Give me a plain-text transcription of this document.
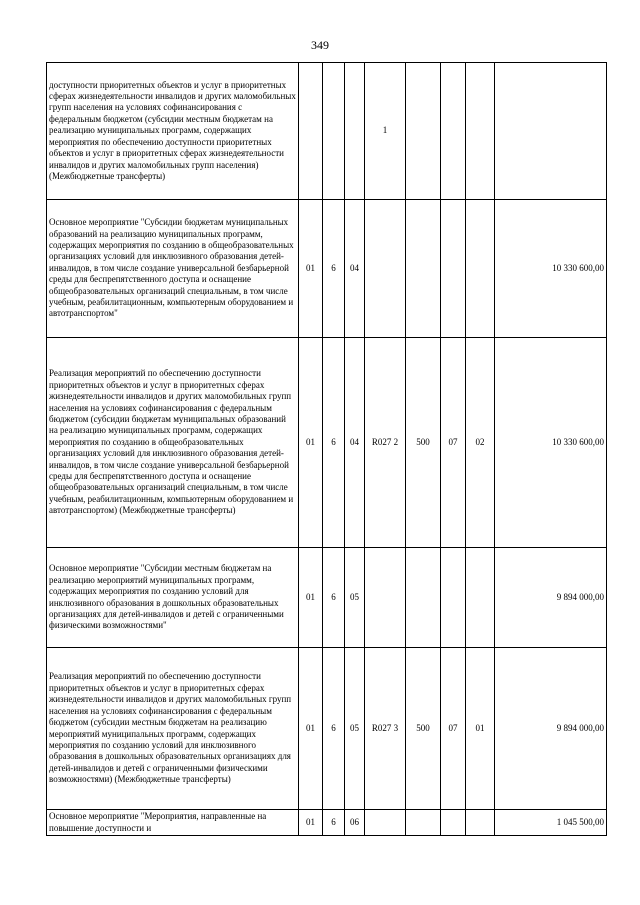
349
доступности приоритетных объектов и услуг в приоритетных сферах жизнедеятельности инвалидов и других маломобильных групп населения на условиях софинансирования с федеральным бюджетом (субсидии местным бюджетам на реализацию муниципальных программ, содержащих мероприятия по обеспечению доступности приоритетных объектов и услуг в приоритетных сферах жизнедеятельности инвалидов и других маломобильных групп населения) (Межбюджетные трансферты)				1				
Основное мероприятие "Субсидии бюджетам муниципальных образований на реализацию муниципальных программ, содержащих мероприятия по созданию в общеобразовательных организациях условий для инклюзивного образования детей-инвалидов, в том числе создание универсальной безбарьерной среды для беспрепятственного доступа и оснащение общеобразовательных организаций специальным, в том числе учебным, реабилитационным, компьютерным оборудованием и автотранспортом"	01	6	04					10 330 600,00
Реализация мероприятий по обеспечению доступности приоритетных объектов и услуг в приоритетных сферах жизнедеятельности инвалидов и других маломобильных групп населения на условиях софинансирования с федеральным бюджетом (субсидии бюджетам муниципальных образований на реализацию муниципальных программ, содержащих мероприятия по созданию в общеобразовательных организациях условий для инклюзивного образования детей-инвалидов, в том числе создание универсальной безбарьерной среды для беспрепятственного доступа и оснащение общеобразовательных организаций специальным, в том числе учебным, реабилитационным, компьютерным оборудованием и автотранспортом) (Межбюджетные трансферты)	01	6	04	R027 2	500	07	02	10 330 600,00
Основное мероприятие "Субсидии местным бюджетам на реализацию мероприятий муниципальных программ, содержащих мероприятия по созданию условий для инклюзивного образования в дошкольных образовательных организациях для детей-инвалидов и детей с ограниченными физическими возможностями"	01	6	05					9 894 000,00
Реализация мероприятий по обеспечению доступности приоритетных объектов и услуг в приоритетных сферах жизнедеятельности инвалидов и других маломобильных групп населения на условиях софинансирования с федеральным бюджетом (субсидии местным бюджетам на реализацию мероприятий муниципальных программ, содержащих мероприятия по созданию условий для инклюзивного образования в дошкольных образовательных организациях для детей-инвалидов и детей с ограниченными физическими возможностями) (Межбюджетные трансферты)	01	6	05	R027 3	500	07	01	9 894 000,00
Основное мероприятие "Мероприятия, направленные на повышение доступности и	01	6	06					1 045 500,00
